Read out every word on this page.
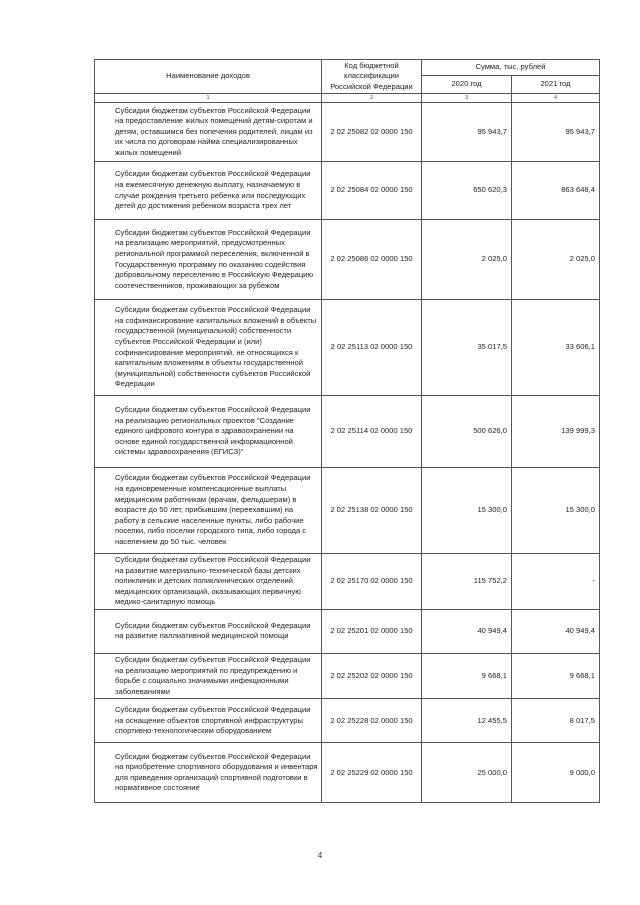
Наименование доходов	Код бюджетной классификации Российской Федерации	Сумма, тыс. рублей	
		2020 год	2021 год
1	2	3	4
Субсидии бюджетам субъектов Российской Федерации на предоставление жилых помещений детям-сиротам и детям, оставшимся без попечения родителей, лицам из их числа по договорам найма специализированных жилых помещений	2 02 25082 02 0000 150	95 943,7	95 943,7
Субсидии бюджетам субъектов Российской Федерации на ежемесячную денежную выплату, назначаемую в случае рождения третьего ребенка или последующих детей до достижения ребенком возраста трех лет	2 02 25084 02 0000 150	650 620,3	863 648,4
Субсидии бюджетам субъектов Российской Федерации на реализацию мероприятий, предусмотренных региональной программой переселения, включенной в Государственную программу по оказанию содействия добровольному переселению в Российскую Федерацию соотечественников, проживающих за рубежом	2 02 25086 02 0000 150	2 025,0	2 025,0
Субсидии бюджетам субъектов Российской Федерации на софинансирование капитальных вложений в объекты государственной (муниципальной) собственности субъектов Российской Федерации и (или) софинансирование мероприятий, не относящихся к капитальным вложениям в объекты государственной (муниципальной) собственности субъектов Российской Федерации	2 02 25113 02 0000 150	35 017,5	33 606,1
Субсидии бюджетам субъектов Российской Федерации на реализацию региональных проектов "Создание единого цифрового контура в здравоохранении на основе единой государственной информационной системы здравоохранения (ЕГИСЗ)"	2 02 25114 02 0000 150	500 626,0	139 999,3
Субсидии бюджетам субъектов Российской Федерации на единовременные компенсационные выплаты медицинским работникам (врачам, фельдшерам) в возрасте до 50 лет, прибывшим (переехавшим) на работу в сельские населенные пункты, либо рабочие поселки, либо поселки городского типа, либо города с населением до 50 тыс. человек	2 02 25138 02 0000 150	15 300,0	15 300,0
Субсидии бюджетам субъектов Российской Федерации на развитие материально-технической базы детских поликлиник и детских поликлинических отделений медицинских организаций, оказывающих первичную медико-санитарную помощь	2 02 25170 02 0000 150	115 752,2	-
Субсидии бюджетам субъектов Российской Федерации на развитие паллиативной медицинской помощи	2 02 25201 02 0000 150	40 949,4	40 949,4
Субсидии бюджетам субъектов Российской Федерации на реализацию мероприятий по предупреждению и борьбе с социально значимыми инфекционными заболеваниями	2 02 25202 02 0000 150	9 668,1	9 668,1
Субсидии бюджетам субъектов Российской Федерации на оснащение объектов спортивной инфраструктуры спортивно-технологическим оборудованием	2 02 25228 02 0000 150	12 455,5	8 017,5
Субсидии бюджетам субъектов Российской Федерации на приобретение спортивного оборудования и инвентаря для приведения организаций спортивной подготовки в нормативное состояние	2 02 25229 02 0000 150	25 000,0	9 000,0
4
